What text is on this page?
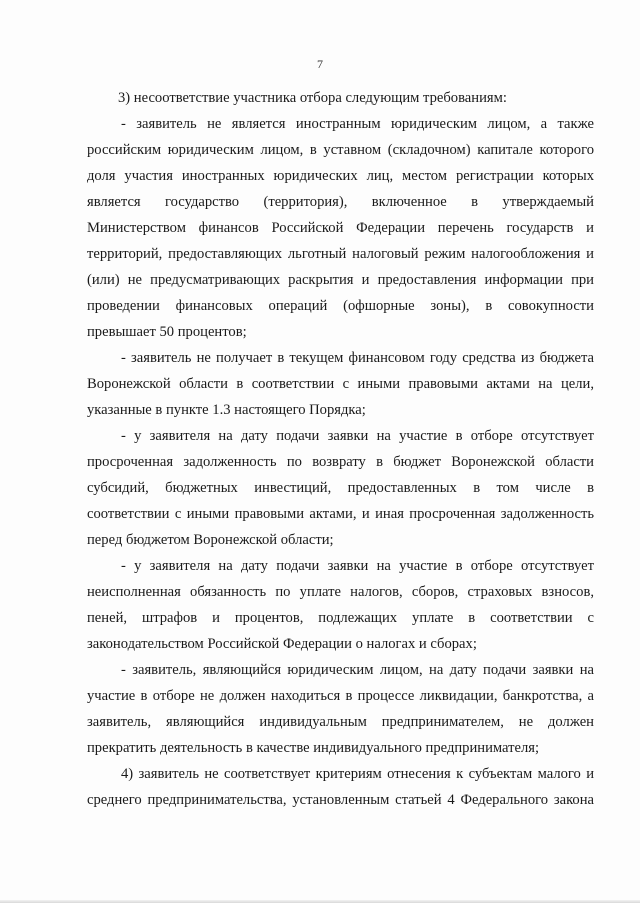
7
3) несоответствие участника отбора следующим требованиям:
- заявитель не является иностранным юридическим лицом, а также
российским юридическим лицом, в уставном (складочном) капитале которого
доля участия иностранных юридических лиц, местом регистрации которых
является государство (территория), включенное в утверждаемый
Министерством финансов Российской Федерации перечень государств и
территорий, предоставляющих льготный налоговый режим налогообложения и
(или) не предусматривающих раскрытия и предоставления информации при
проведении финансовых операций (офшорные зоны), в совокупности
превышает 50 процентов;
- заявитель не получает в текущем финансовом году средства из бюджета
Воронежской области в соответствии с иными правовыми актами на цели,
указанные в пункте 1.3 настоящего Порядка;
- у заявителя на дату подачи заявки на участие в отборе отсутствует
просроченная задолженность по возврату в бюджет Воронежской области
субсидий, бюджетных инвестиций, предоставленных в том числе в
соответствии с иными правовыми актами, и иная просроченная задолженность
перед бюджетом Воронежской области;
- у заявителя на дату подачи заявки на участие в отборе отсутствует
неисполненная обязанность по уплате налогов, сборов, страховых взносов,
пеней, штрафов и процентов, подлежащих уплате в соответствии с
законодательством Российской Федерации о налогах и сборах;
- заявитель, являющийся юридическим лицом, на дату подачи заявки на
участие в отборе не должен находиться в процессе ликвидации, банкротства, а
заявитель, являющийся индивидуальным предпринимателем, не должен
прекратить деятельность в качестве индивидуального предпринимателя;
4) заявитель не соответствует критериям отнесения к субъектам малого и
среднего предпринимательства, установленным статьей 4 Федерального закона
